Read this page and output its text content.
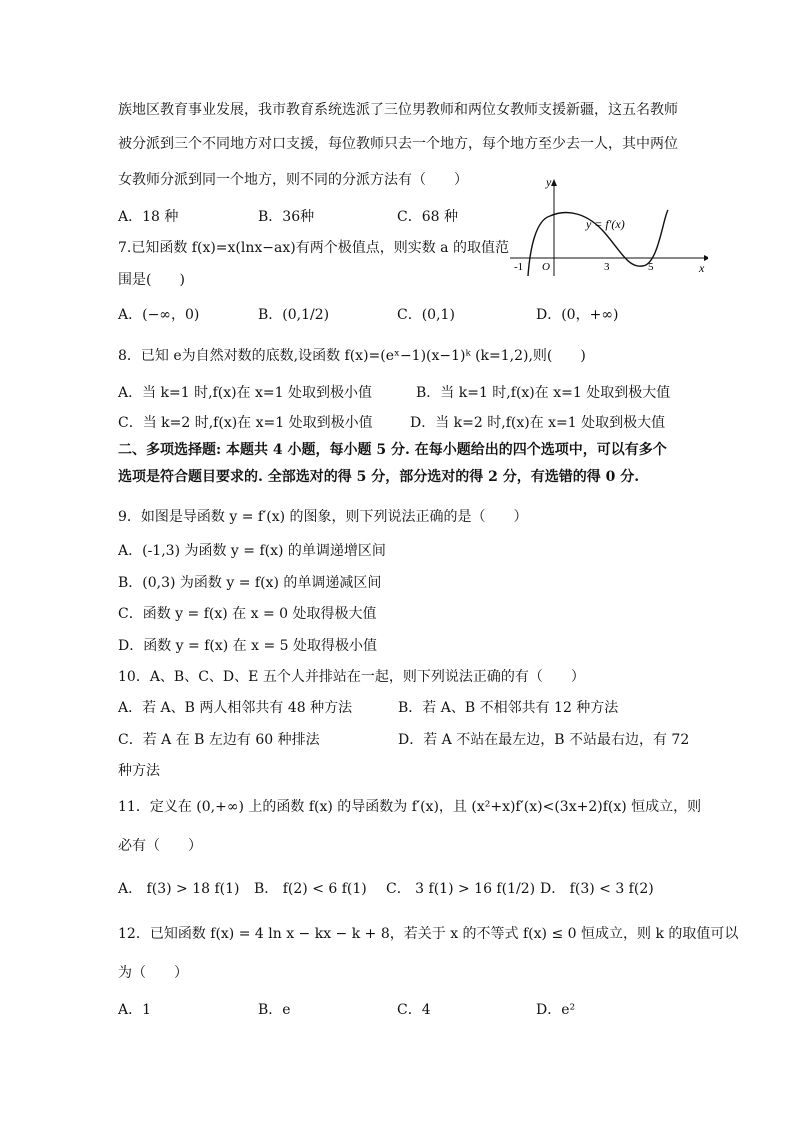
族地区教育事业发展，我市教育系统选派了三位男教师和两位女教师支援新疆，这五名教师
被分派到三个不同地方对口支援，每位教师只去一个地方，每个地方至少去一人，其中两位
女教师分派到同一个地方，则不同的分派方法有（　　）
A．18 种	B．36种	C．68 种
7.已知函数 f(x)=x(lnx−ax)有两个极值点，则实数 a 的取值范
围是(　　)
A．(−∞，0)	B．(0,1/2)	C．(0,1)	D．(0，+∞)
y
x
O
y = f′(x)
-1	3	5
8．已知 e为自然对数的底数,设函数 f(x)=(eˣ−1)(x−1)ᵏ (k=1,2),则(　　)
A．当 k=1 时,f(x)在 x=1 处取到极小值	B．当 k=1 时,f(x)在 x=1 处取到极大值
C．当 k=2 时,f(x)在 x=1 处取到极小值	D．当 k=2 时,f(x)在 x=1 处取到极大值
二、多项选择题: 本题共 4 小题，每小题 5 分. 在每小题给出的四个选项中，可以有多个
选项是符合题目要求的. 全部选对的得 5 分，部分选对的得 2 分，有选错的得 0 分.
9．如图是导函数 y = f′(x) 的图象，则下列说法正确的是（　　）
A．(-1,3) 为函数 y = f(x) 的单调递增区间
B．(0,3) 为函数 y = f(x) 的单调递减区间
C．函数 y = f(x) 在 x = 0 处取得极大值
D．函数 y = f(x) 在 x = 5 处取得极小值
10．A、B、C、D、E 五个人并排站在一起，则下列说法正确的有（　　）
A．若 A、B 两人相邻共有 48 种方法	B．若 A、B 不相邻共有 12 种方法
C．若 A 在 B 左边有 60 种排法	D．若 A 不站在最左边，B 不站最右边，有 72
种方法
11．定义在 (0,+∞) 上的函数 f(x) 的导函数为 f′(x)，且 (x²+x)f′(x)<(3x+2)f(x) 恒成立，则
必有（　　）
A． f(3) > 18 f(1) B． f(2) < 6 f(1) C． 3 f(1) > 16 f(1/2) D． f(3) < 3 f(2)
12．已知函数 f(x) = 4 ln x − kx − k + 8，若关于 x 的不等式 f(x) ≤ 0 恒成立，则 k 的取值可以
为（　　）
A．1	B．e	C．4	D．e²
